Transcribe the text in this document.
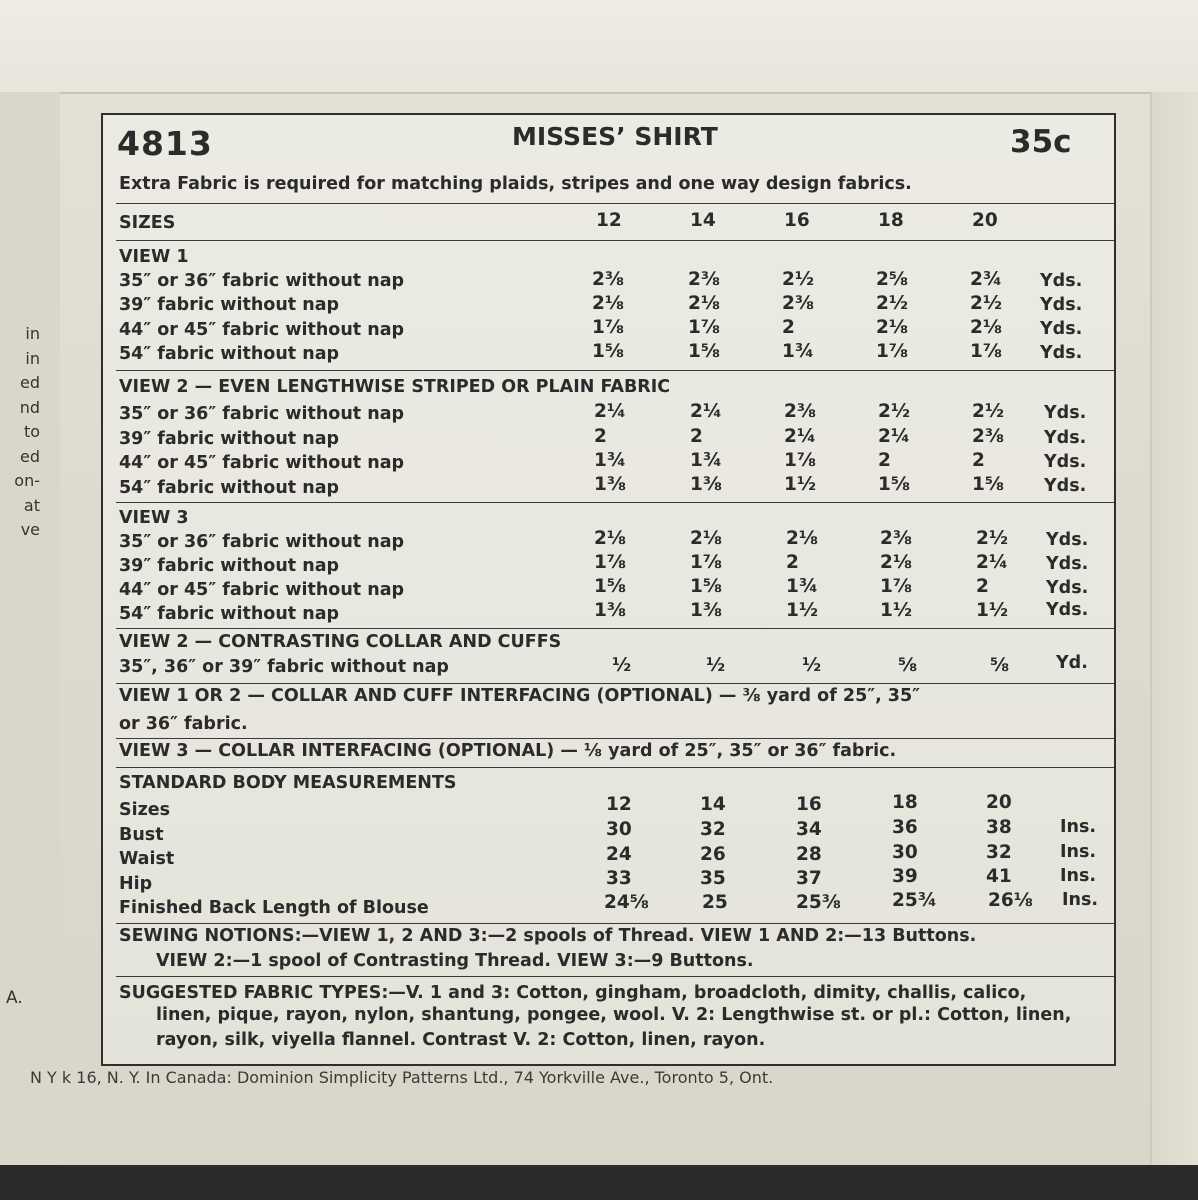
in
in
ed
nd
to
ed
on-
at
ve
A.
N Y k 16, N. Y. In Canada: Dominion Simplicity Patterns Ltd., 74 Yorkville Ave., Toronto 5, Ont.
4813	MISSES’ SHIRT	35c
Extra Fabric is required for matching plaids, stripes and one way design fabrics.
SIZES	12	14	16	18	20
VIEW 1
35″ or 36″ fabric without nap	2⅜	2⅜	2½	2⅝	2¾ Yds.
39″ fabric without nap	2⅛	2⅛	2⅜	2½	2½ Yds.
44″ or 45″ fabric without nap	1⅞	1⅞	2	2⅛	2⅛ Yds.
54″ fabric without nap	1⅝	1⅝	1¾	1⅞	1⅞ Yds.
VIEW 2 — EVEN LENGTHWISE STRIPED OR PLAIN FABRIC
35″ or 36″ fabric without nap	2¼	2¼	2⅜	2½	2½ Yds.
39″ fabric without nap	2	2	2¼	2¼	2⅜ Yds.
44″ or 45″ fabric without nap	1¾	1¾	1⅞	2	2	Yds.
54″ fabric without nap	1⅜	1⅜	1½	1⅝	1⅝ Yds.
VIEW 3
35″ or 36″ fabric without nap	2⅛	2⅛	2⅛	2⅜	2½ Yds.
39″ fabric without nap	1⅞	1⅞	2	2⅛	2¼ Yds.
44″ or 45″ fabric without nap	1⅝	1⅝	1¾	1⅞	2	Yds.
54″ fabric without nap	1⅜	1⅜	1½	1½	1½ Yds.
VIEW 2 — CONTRASTING COLLAR AND CUFFS
35″, 36″ or 39″ fabric without nap	½	½	½	⅝	⅝	Yd.
VIEW 1 OR 2 — COLLAR AND CUFF INTERFACING (OPTIONAL) — ⅜ yard of 25″, 35″
or 36″ fabric.
VIEW 3 — COLLAR INTERFACING (OPTIONAL) — ⅛ yard of 25″, 35″ or 36″ fabric.
STANDARD BODY MEASUREMENTS
Sizes	12	14	16	18	20
Bust	30	32	34	36	38	Ins.
Waist	24	26	28	30	32	Ins.
Hip	33	35	37	39	41	Ins.
Finished Back Length of Blouse	24⅝	25	25⅜	25¾	26⅛ Ins.
SEWING NOTIONS:—VIEW 1, 2 AND 3:—2 spools of Thread. VIEW 1 AND 2:—13 Buttons.
VIEW 2:—1 spool of Contrasting Thread. VIEW 3:—9 Buttons.
SUGGESTED FABRIC TYPES:—V. 1 and 3: Cotton, gingham, broadcloth, dimity, challis, calico,
linen, pique, rayon, nylon, shantung, pongee, wool. V. 2: Lengthwise st. or pl.: Cotton, linen,
rayon, silk, viyella flannel. Contrast V. 2: Cotton, linen, rayon.
